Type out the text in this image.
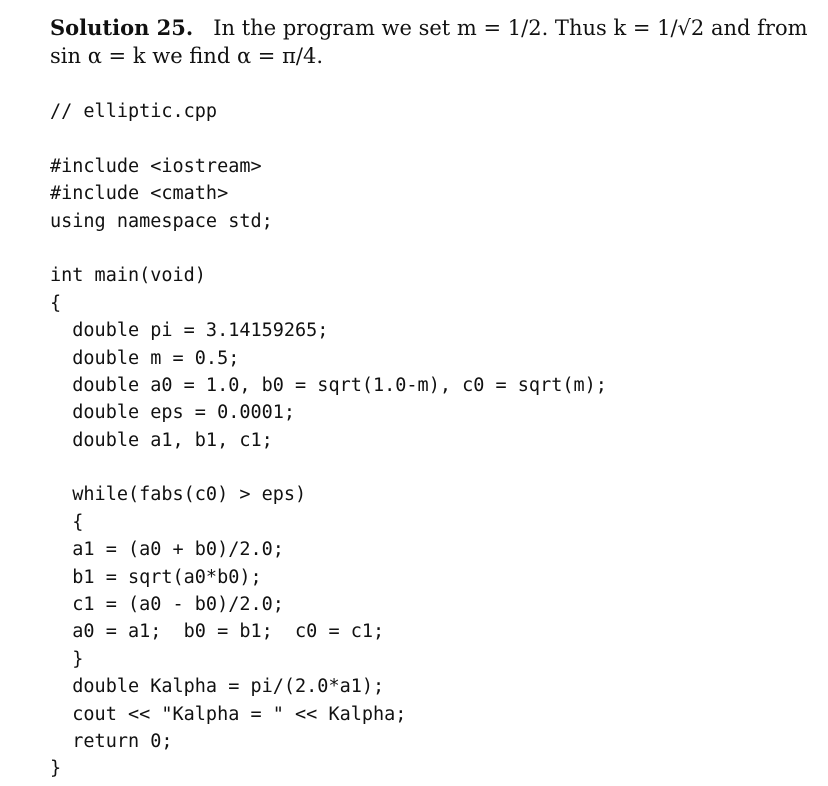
Solution 25. In the program we set m = 1/2. Thus k = 1/√2 and from
sin α = k we find α = π/4.

// elliptic.cpp
#include <iostream>
#include <cmath>
using namespace std;
int main(void)
{
double pi = 3.14159265;
double m = 0.5;
double a0 = 1.0, b0 = sqrt(1.0-m), c0 = sqrt(m);
double eps = 0.0001;
double a1, b1, c1;
while(fabs(c0) > eps)
{
a1 = (a0 + b0)/2.0;
b1 = sqrt(a0*b0);
c1 = (a0 - b0)/2.0;
a0 = a1;  b0 = b1;  c0 = c1;
}
double Kalpha = pi/(2.0*a1);
cout << "Kalpha = " << Kalpha;
return 0;
}
